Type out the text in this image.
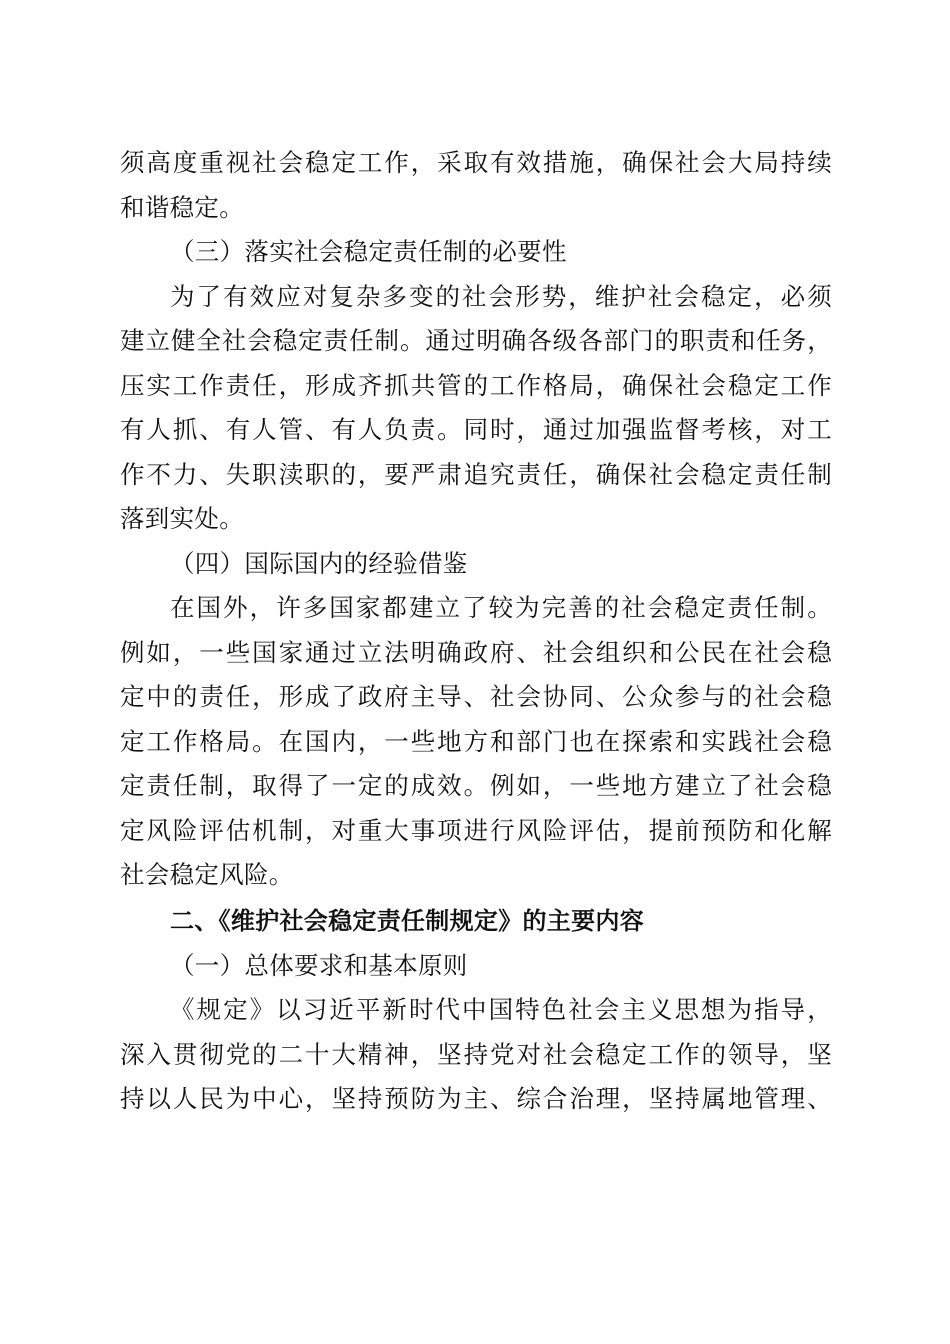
须高度重视社会稳定工作，采取有效措施，确保社会大局持续
和谐稳定。
（三）落实社会稳定责任制的必要性
为了有效应对复杂多变的社会形势，维护社会稳定，必须
建立健全社会稳定责任制。通过明确各级各部门的职责和任务，
压实工作责任，形成齐抓共管的工作格局，确保社会稳定工作
有人抓、有人管、有人负责。同时，通过加强监督考核，对工
作不力、失职渎职的，要严肃追究责任，确保社会稳定责任制
落到实处。
（四）国际国内的经验借鉴
在国外，许多国家都建立了较为完善的社会稳定责任制。
例如，一些国家通过立法明确政府、社会组织和公民在社会稳
定中的责任，形成了政府主导、社会协同、公众参与的社会稳
定工作格局。在国内，一些地方和部门也在探索和实践社会稳
定责任制，取得了一定的成效。例如，一些地方建立了社会稳
定风险评估机制，对重大事项进行风险评估，提前预防和化解
社会稳定风险。
二、《维护社会稳定责任制规定》的主要内容
（一）总体要求和基本原则
《规定》以习近平新时代中国特色社会主义思想为指导，
深入贯彻党的二十大精神，坚持党对社会稳定工作的领导，坚
持以人民为中心，坚持预防为主、综合治理，坚持属地管理、
